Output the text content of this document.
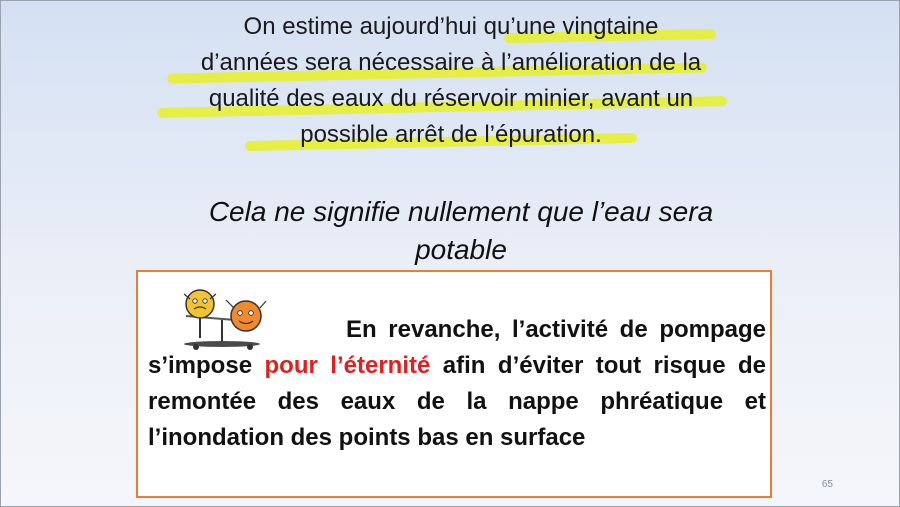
On estime aujourd’hui qu’une vingtaine
d’années sera nécessaire à l’amélioration de la
qualité des eaux du réservoir minier, avant un
possible arrêt de l’épuration.
Cela ne signifie nullement que l’eau sera
potable
En revanche, l’activité de pompage s’impose pour l’éternité afin d’éviter tout risque de remontée des eaux de la nappe phréatique et l’inondation des points bas en surface
65
